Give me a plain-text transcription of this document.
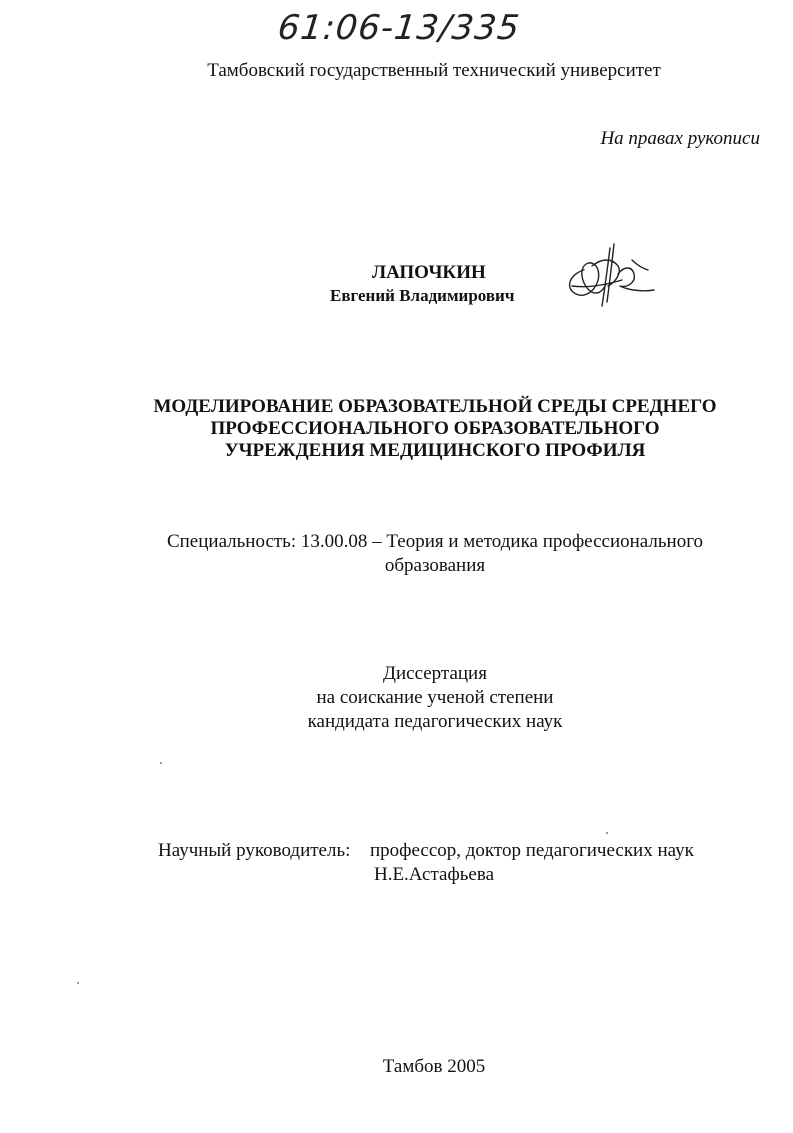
61:06-13/335
Тамбовский государственный технический университет
На правах рукописи
ЛАПОЧКИН
Евгений Владимирович
МОДЕЛИРОВАНИЕ ОБРАЗОВАТЕЛЬНОЙ СРЕДЫ СРЕДНЕГО
ПРОФЕССИОНАЛЬНОГО ОБРАЗОВАТЕЛЬНОГО
УЧРЕЖДЕНИЯ МЕДИЦИНСКОГО ПРОФИЛЯ
Специальность: 13.00.08 – Теория и методика профессионального
образования
Диссертация
на соискание ученой степени
кандидата педагогических наук
Научный руководитель: профессор, доктор педагогических наук
Н.Е.Астафьева
Тамбов 2005
